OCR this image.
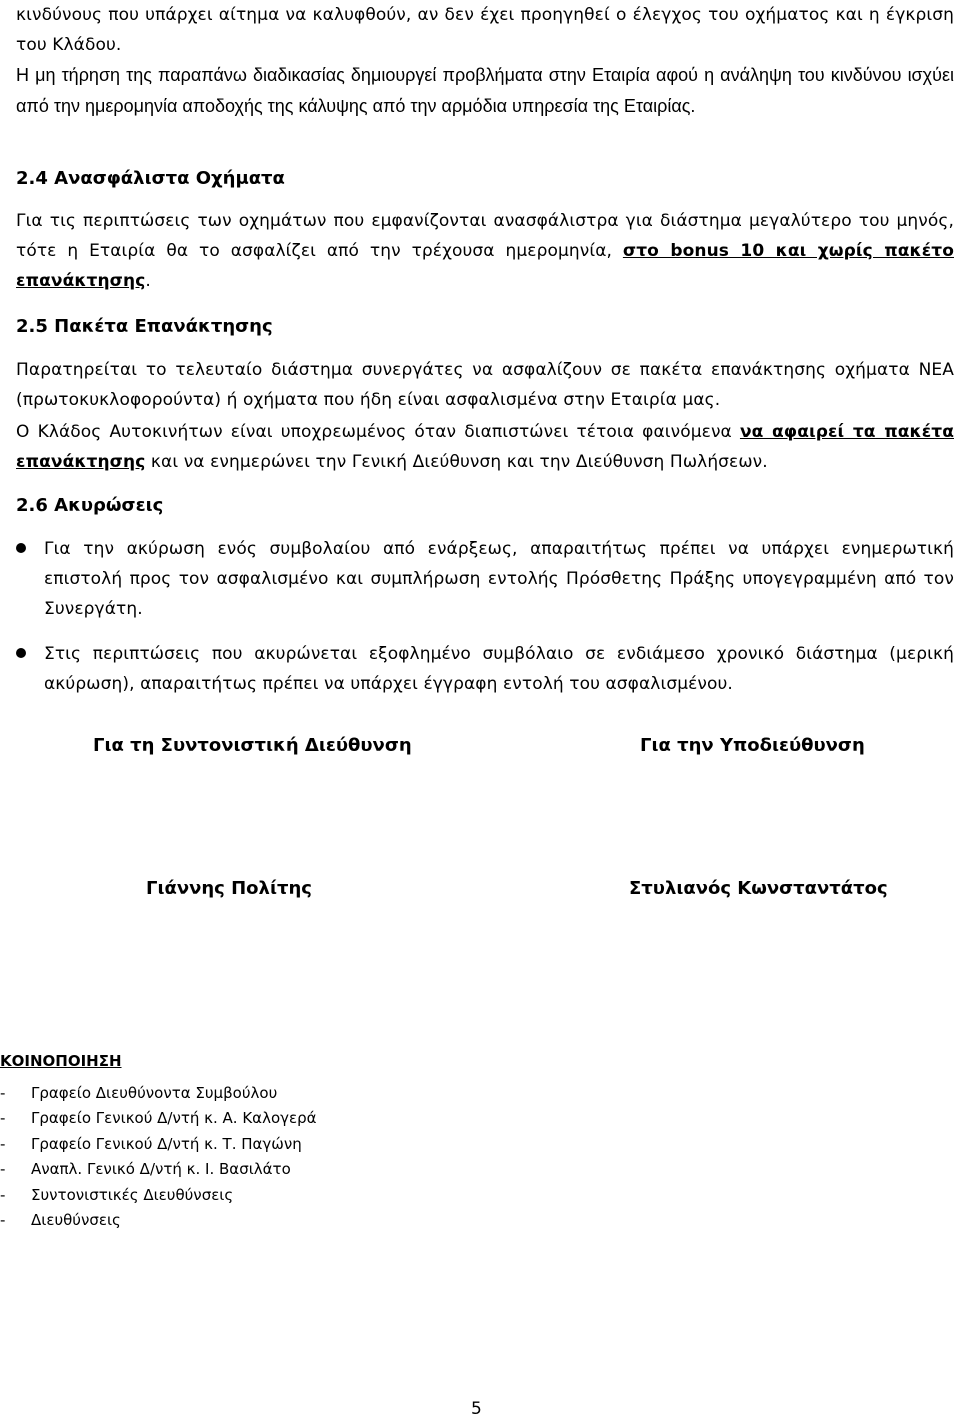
κινδύνους που υπάρχει αίτημα να καλυφθούν, αν δεν έχει προηγηθεί ο έλεγχος του οχήματος και η έγκριση του Κλάδου.
Η μη τήρηση της παραπάνω διαδικασίας δημιουργεί προβλήματα στην Εταιρία αφού η ανάληψη του κινδύνου ισχύει από την ημερομηνία αποδοχής της κάλυψης από την αρμόδια υπηρεσία της Εταιρίας.
2.4 Ανασφάλιστα Οχήματα
Για τις περιπτώσεις των οχημάτων που εμφανίζονται ανασφάλιστρα για διάστημα μεγαλύτερο του μηνός, τότε η Εταιρία θα το ασφαλίζει από την τρέχουσα ημερομηνία, στο bonus 10 και χωρίς πακέτο επανάκτησης.
2.5 Πακέτα Επανάκτησης
Παρατηρείται το τελευταίο διάστημα συνεργάτες να ασφαλίζουν σε πακέτα επανάκτησης οχήματα ΝΕΑ (πρωτοκυκλοφορούντα) ή οχήματα που ήδη είναι ασφαλισμένα στην Εταιρία μας.
Ο Κλάδος Αυτοκινήτων είναι υποχρεωμένος όταν διαπιστώνει τέτοια φαινόμενα να αφαιρεί τα πακέτα επανάκτησης και να ενημερώνει την Γενική Διεύθυνση και την Διεύθυνση Πωλήσεων.
2.6 Ακυρώσεις
Για την ακύρωση ενός συμβολαίου από ενάρξεως, απαραιτήτως πρέπει να υπάρχει ενημερωτική επιστολή προς τον ασφαλισμένο και συμπλήρωση εντολής Πρόσθετης Πράξης υπογεγραμμένη από τον Συνεργάτη.
Στις περιπτώσεις που ακυρώνεται εξοφλημένο συμβόλαιο σε ενδιάμεσο χρονικό διάστημα (μερική ακύρωση), απαραιτήτως πρέπει να υπάρχει έγγραφη εντολή του ασφαλισμένου.
Για τη Συντονιστική Διεύθυνση	Για την Υποδιεύθυνση
Γιάννης Πολίτης	Στυλιανός Κωνσταντάτος
ΚΟΙΝΟΠΟΙΗΣΗ
- Γραφείο Διευθύνοντα Συμβούλου
- Γραφείο Γενικού Δ/ντή κ. Α. Καλογερά
- Γραφείο Γενικού Δ/ντή κ. Τ. Παγώνη
- Αναπλ. Γενικό Δ/ντή κ. Ι. Βασιλάτο
- Συντονιστικές Διευθύνσεις
- Διευθύνσεις
5
